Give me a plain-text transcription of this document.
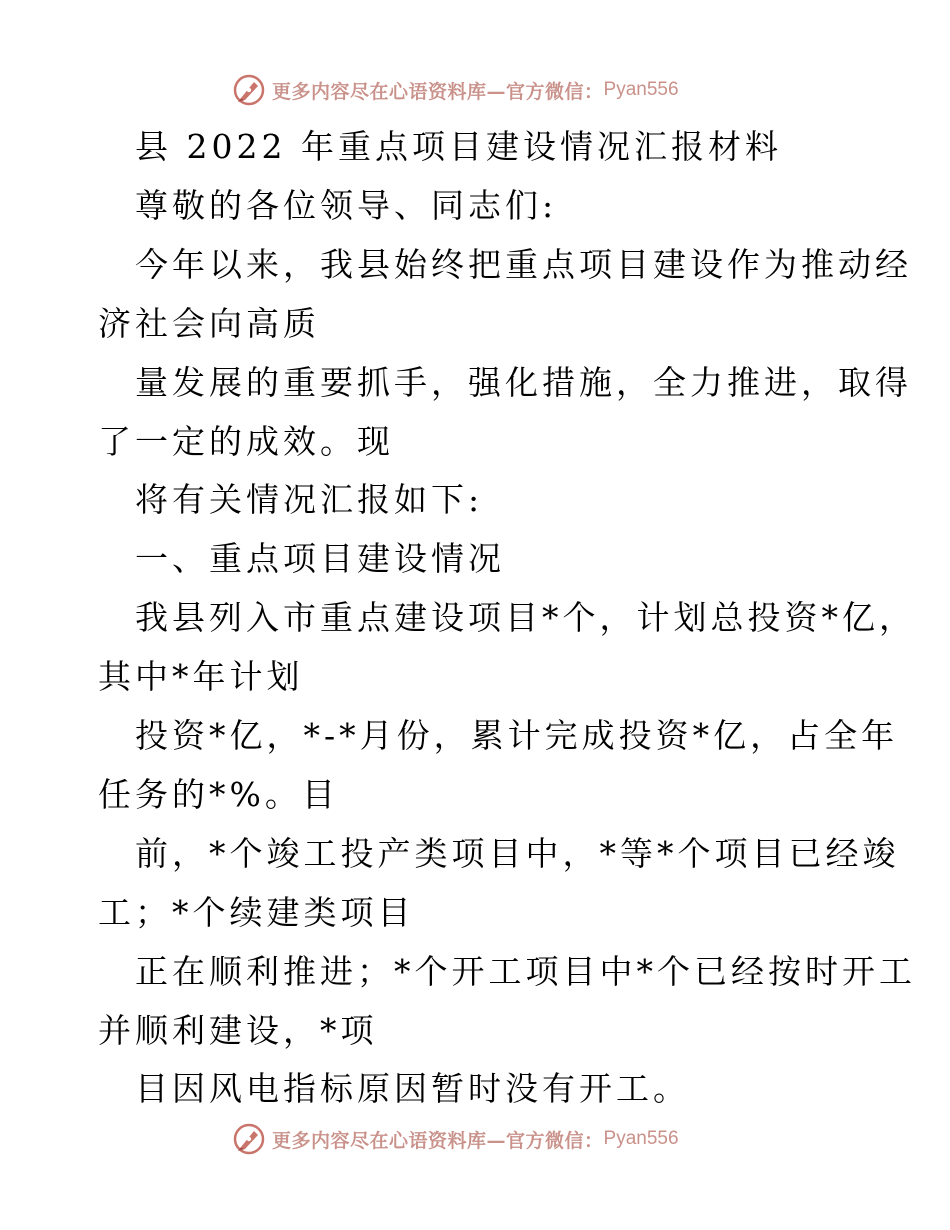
更多内容尽在心语资料库—官方微信： Pyan556
县 2022 年重点项目建设情况汇报材料
尊敬的各位领导、同志们:
今年以来，我县始终把重点项目建设作为推动经
济社会向高质
量发展的重要抓手，强化措施，全力推进，取得
了一定的成效。现
将有关情况汇报如下:
一、重点项目建设情况
我县列入市重点建设项目*个，计划总投资*亿，
其中*年计划
投资*亿，*-*月份，累计完成投资*亿，占全年
任务的*%。目
前，*个竣工投产类项目中，*等*个项目已经竣
工；*个续建类项目
正在顺利推进；*个开工项目中*个已经按时开工
并顺利建设，*项
目因风电指标原因暂时没有开工。
更多内容尽在心语资料库—官方微信： Pyan556
